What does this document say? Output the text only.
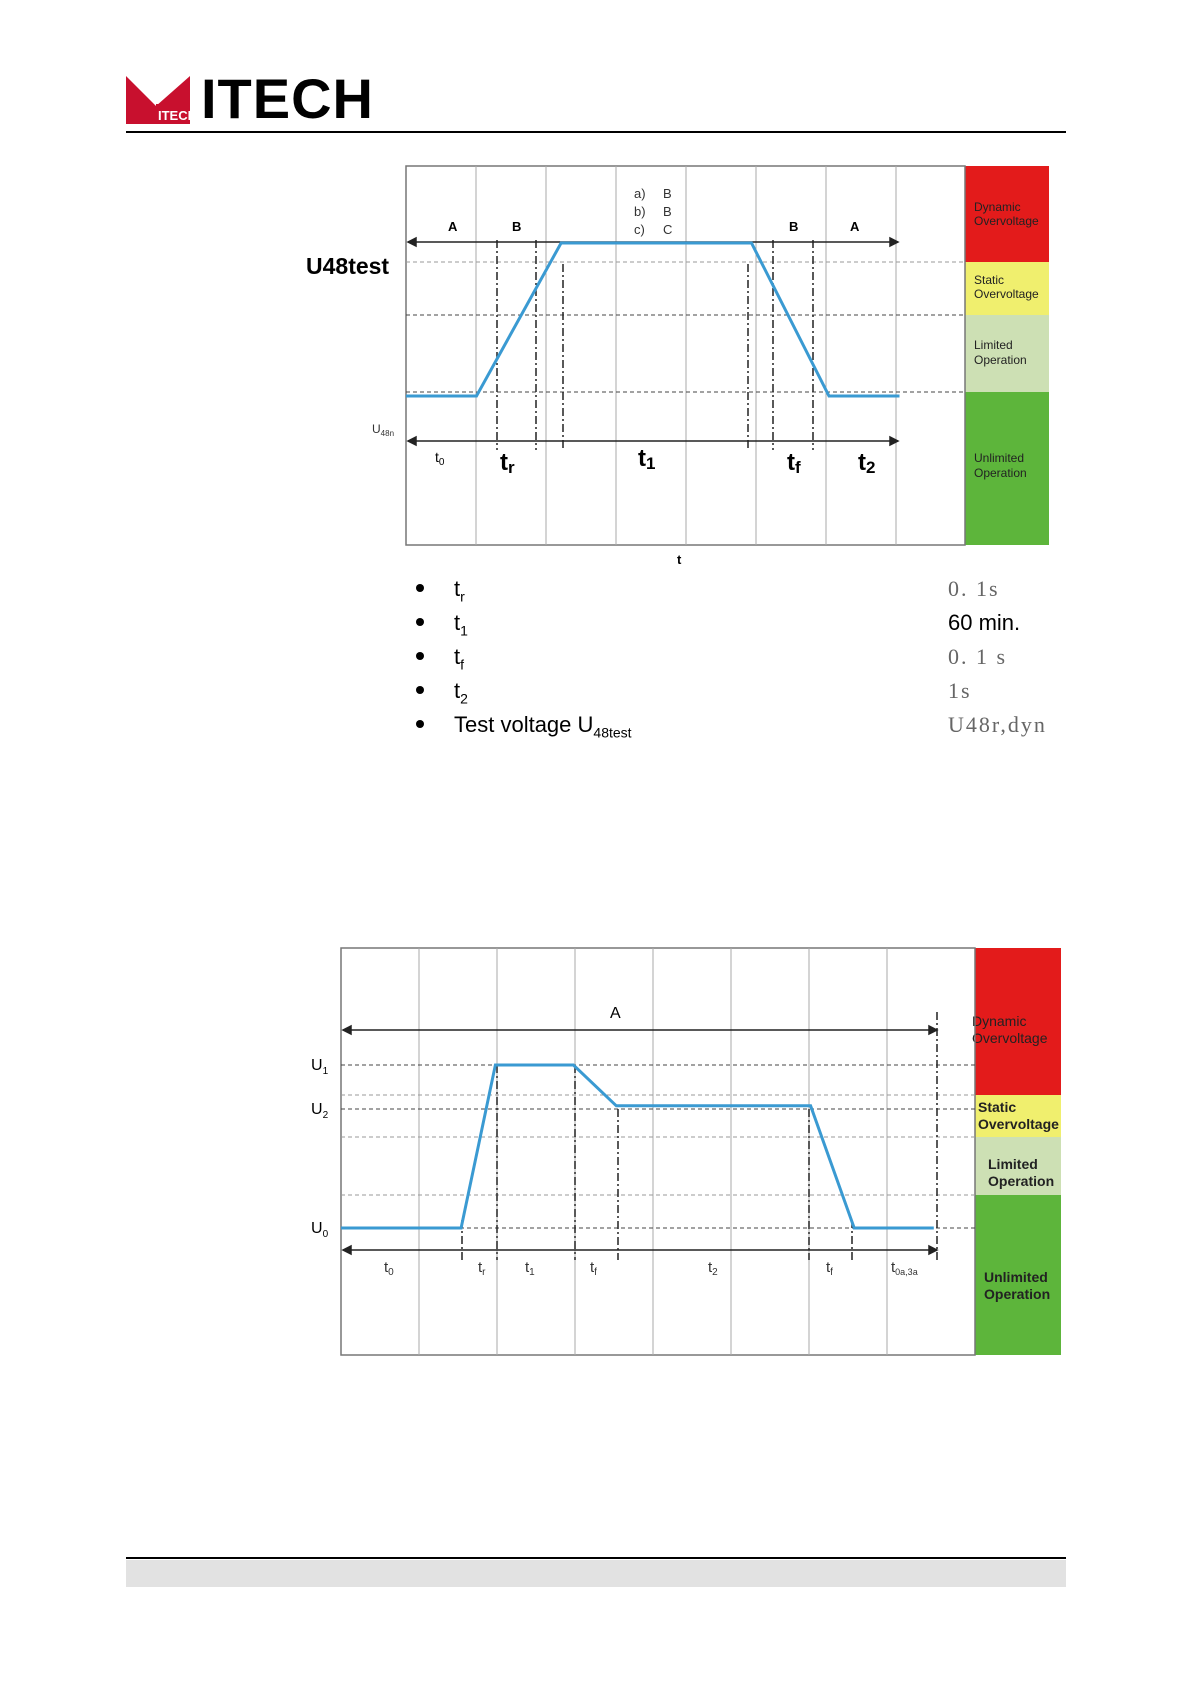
ITECH ITECH
Dynamic Overvoltage
Static Overvoltage
Limited Operation
Unlimited Operation
U48test
$U_{48n}$
A	B	B	A
a) B
b) B
c) C
$t_0$ tr	t1	tf t2
t
$t_r$	0. 1s
$t_1$	60 min.
$t_f$	0. 1 s
$t_2$	1s
Test voltage $U_{48test}$	U48r,dyn
Dynamic Overvoltage
Static Overvoltage
Limited Operation
Unlimited Operation
A
$U_1$
$U_2$
$U_0$
$t_0$	$t_r$	$t_1$	$t_f$	$t_2$	$t_f$	$t_{0a,3a}$
